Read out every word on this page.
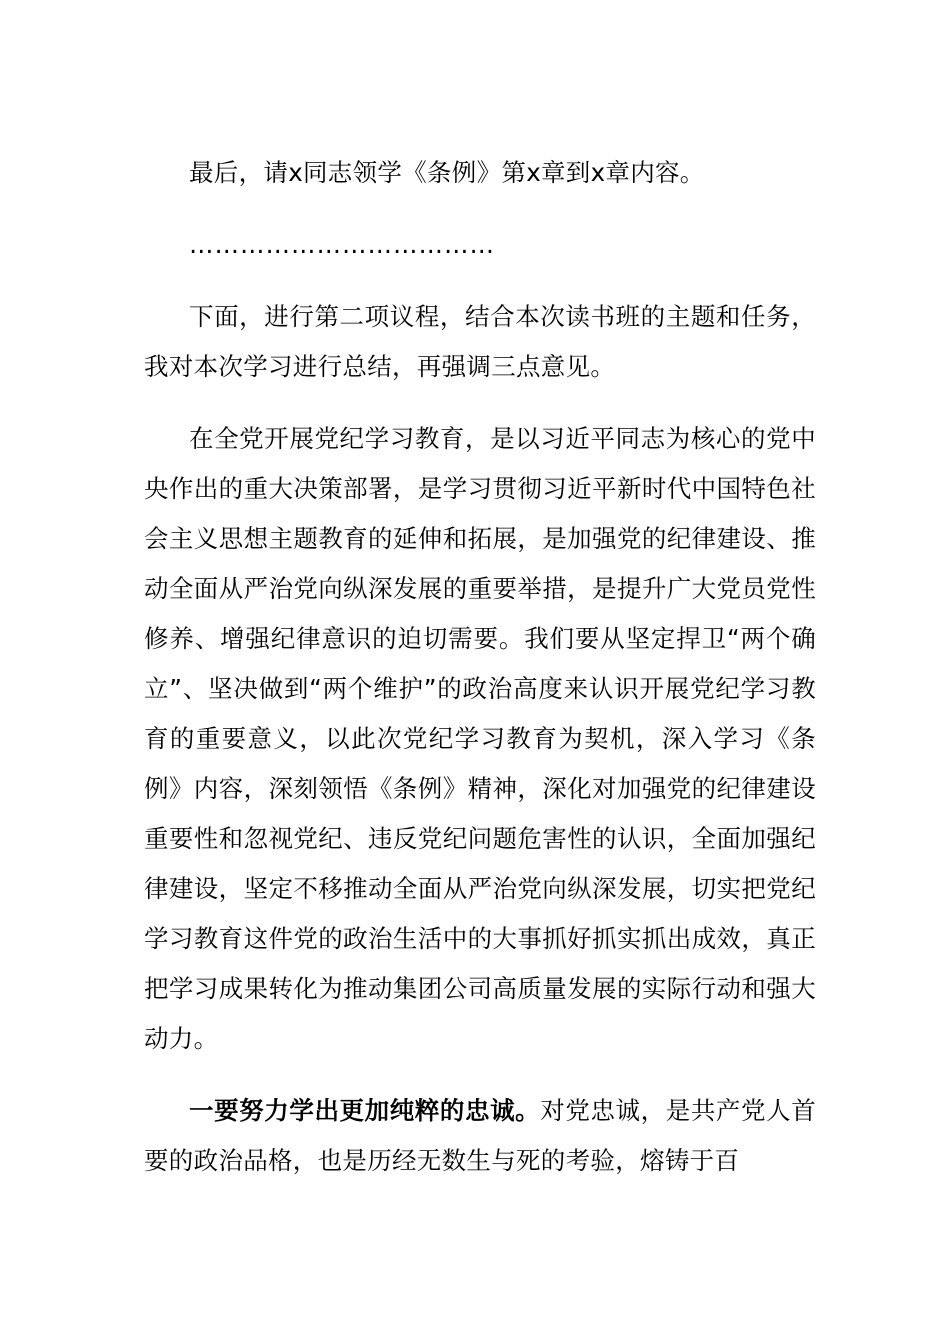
最后，请x同志领学《条例》第x章到x章内容。

………………………………

下面，进行第二项议程，结合本次读书班的主题和任务，我对本次学习进行总结，再强调三点意见。

在全党开展党纪学习教育，是以习近平同志为核心的党中央作出的重大决策部署，是学习贯彻习近平新时代中国特色社会主义思想主题教育的延伸和拓展，是加强党的纪律建设、推动全面从严治党向纵深发展的重要举措，是提升广大党员党性修养、增强纪律意识的迫切需要。我们要从坚定捍卫“两个确立”、坚决做到“两个维护”的政治高度来认识开展党纪学习教育的重要意义，以此次党纪学习教育为契机，深入学习《条例》内容，深刻领悟《条例》精神，深化对加强党的纪律建设重要性和忽视党纪、违反党纪问题危害性的认识，全面加强纪律建设，坚定不移推动全面从严治党向纵深发展，切实把党纪学习教育这件党的政治生活中的大事抓好抓实抓出成效，真正把学习成果转化为推动集团公司高质量发展的实际行动和强大动力。

一要努力学出更加纯粹的忠诚。对党忠诚，是共产党人首要的政治品格，也是历经无数生与死的考验，熔铸于百
